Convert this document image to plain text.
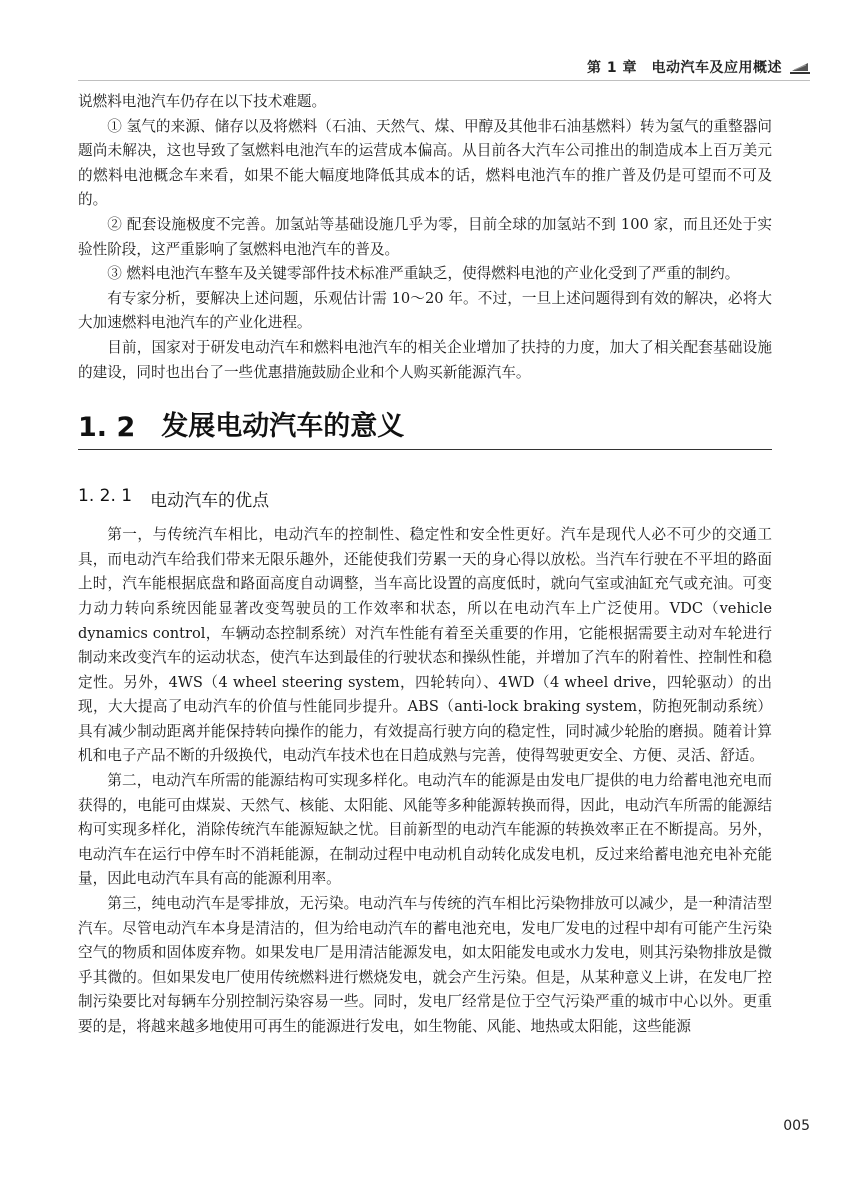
第 1 章　电动汽车及应用概述

说燃料电池汽车仍存在以下技术难题。

① 氢气的来源、储存以及将燃料（石油、天然气、煤、甲醇及其他非石油基燃料）转为氢气的重整器问题尚未解决，这也导致了氢燃料电池汽车的运营成本偏高。从目前各大汽车公司推出的制造成本上百万美元的燃料电池概念车来看，如果不能大幅度地降低其成本的话，燃料电池汽车的推广普及仍是可望而不可及的。

② 配套设施极度不完善。加氢站等基础设施几乎为零，目前全球的加氢站不到 100 家，而且还处于实验性阶段，这严重影响了氢燃料电池汽车的普及。

③ 燃料电池汽车整车及关键零部件技术标准严重缺乏，使得燃料电池的产业化受到了严重的制约。

有专家分析，要解决上述问题，乐观估计需 10～20 年。不过，一旦上述问题得到有效的解决，必将大大加速燃料电池汽车的产业化进程。

目前，国家对于研发电动汽车和燃料电池汽车的相关企业增加了扶持的力度，加大了相关配套基础设施的建设，同时也出台了一些优惠措施鼓励企业和个人购买新能源汽车。

1. 2 发展电动汽车的意义
1. 2. 1 电动汽车的优点

第一，与传统汽车相比，电动汽车的控制性、稳定性和安全性更好。汽车是现代人必不可少的交通工具，而电动汽车给我们带来无限乐趣外，还能使我们劳累一天的身心得以放松。当汽车行驶在不平坦的路面上时，汽车能根据底盘和路面高度自动调整，当车高比设置的高度低时，就向气室或油缸充气或充油。可变力动力转向系统因能显著改变驾驶员的工作效率和状态，所以在电动汽车上广泛使用。VDC（vehicle dynamics control，车辆动态控制系统）对汽车性能有着至关重要的作用，它能根据需要主动对车轮进行制动来改变汽车的运动状态，使汽车达到最佳的行驶状态和操纵性能，并增加了汽车的附着性、控制性和稳定性。另外，4WS（4 wheel steering system，四轮转向）、4WD（4 wheel drive，四轮驱动）的出现，大大提高了电动汽车的价值与性能同步提升。ABS（anti-lock braking system，防抱死制动系统）具有减少制动距离并能保持转向操作的能力，有效提高行驶方向的稳定性，同时减少轮胎的磨损。随着计算机和电子产品不断的升级换代，电动汽车技术也在日趋成熟与完善，使得驾驶更安全、方便、灵活、舒适。

第二，电动汽车所需的能源结构可实现多样化。电动汽车的能源是由发电厂提供的电力给蓄电池充电而获得的，电能可由煤炭、天然气、核能、太阳能、风能等多种能源转换而得，因此，电动汽车所需的能源结构可实现多样化，消除传统汽车能源短缺之忧。目前新型的电动汽车能源的转换效率正在不断提高。另外，电动汽车在运行中停车时不消耗能源，在制动过程中电动机自动转化成发电机，反过来给蓄电池充电补充能量，因此电动汽车具有高的能源利用率。

第三，纯电动汽车是零排放，无污染。电动汽车与传统的汽车相比污染物排放可以减少，是一种清洁型汽车。尽管电动汽车本身是清洁的，但为给电动汽车的蓄电池充电，发电厂发电的过程中却有可能产生污染空气的物质和固体废弃物。如果发电厂是用清洁能源发电，如太阳能发电或水力发电，则其污染物排放是微乎其微的。但如果发电厂使用传统燃料进行燃烧发电，就会产生污染。但是，从某种意义上讲，在发电厂控制污染要比对每辆车分别控制污染容易一些。同时，发电厂经常是位于空气污染严重的城市中心以外。更重要的是，将越来越多地使用可再生的能源进行发电，如生物能、风能、地热或太阳能，这些能源

005
